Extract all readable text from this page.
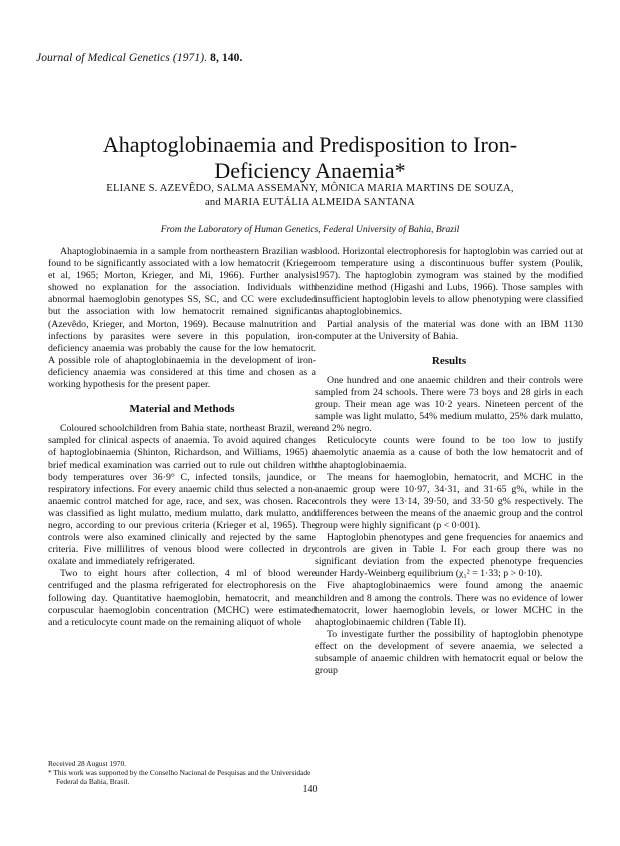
Journal of Medical Genetics (1971). 8, 140.
Ahaptoglobinaemia and Predisposition to Iron-
Deficiency Anaemia*
ELIANE S. AZEVÊDO, SALMA ASSEMANY, MÔNICA MARIA MARTINS DE SOUZA,
and MARIA EUTÁLIA ALMEIDA SANTANA
From the Laboratory of Human Genetics, Federal University of Bahia, Brazil

Ahaptoglobinaemia in a sample from northeastern Brazilian was found to be significantly associated with a low hematocrit (Krieger et al, 1965; Morton, Krieger, and Mi, 1966). Further analysis showed no explanation for the association. Individuals with abnormal haemoglobin genotypes SS, SC, and CC were excluded but the association with low hematocrit remained significant (Azevêdo, Krieger, and Morton, 1969). Because malnutrition and infections by parasites were severe in this population, iron-deficiency anaemia was probably the cause for the low hematocrit. A possible role of ahaptoglobinaemia in the development of iron-deficiency anaemia was considered at this time and chosen as a working hypothesis for the present paper.

Material and Methods

Coloured schoolchildren from Bahia state, northeast Brazil, were sampled for clinical aspects of anaemia. To avoid aquired changes of haptoglobinaemia (Shinton, Richardson, and Williams, 1965) a brief medical examination was carried out to rule out children with body temperatures over 36·9° C, infected tonsils, jaundice, or respiratory infections. For every anaemic child thus selected a non-anaemic control matched for age, race, and sex, was chosen. Race was classified as light mulatto, medium mulatto, dark mulatto, and negro, according to our previous criteria (Krieger et al, 1965). The controls were also examined clinically and rejected by the same criteria. Five millilitres of venous blood were collected in dry oxalate and immediately refrigerated.

Two to eight hours after collection, 4 ml of blood were centrifuged and the plasma refrigerated for electrophoresis on the following day. Quantitative haemoglobin, hematocrit, and mean corpuscular haemoglobin concentration (MCHC) were estimated and a reticulocyte count made on the remaining aliquot of whole

blood. Horizontal electrophoresis for haptoglobin was carried out at room temperature using a discontinuous buffer system (Poulik, 1957). The haptoglobin zymogram was stained by the modified benzidine method (Higashi and Lubs, 1966). Those samples with insufficient haptoglobin levels to allow phenotyping were classified as ahaptoglobinemics.

Partial analysis of the material was done with an IBM 1130 computer at the University of Bahia.

Results

One hundred and one anaemic children and their controls were sampled from 24 schools. There were 73 boys and 28 girls in each group. Their mean age was 10·2 years. Nineteen percent of the sample was light mulatto, 54% medium mulatto, 25% dark mulatto, and 2% negro.

Reticulocyte counts were found to be too low to justify haemolytic anaemia as a cause of both the low hematocrit and of the ahaptoglobinaemia.

The means for haemoglobin, hematocrit, and MCHC in the anaemic group were 10·97, 34·31, and 31·65 g%, while in the controls they were 13·14, 39·50, and 33·50 g% respectively. The differences between the means of the anaemic group and the control group were highly significant (p < 0·001).

Haptoglobin phenotypes and gene frequencies for anaemics and controls are given in Table I. For each group there was no significant deviation from the expected phenotype frequencies under Hardy-Weinberg equilibrium (χ₁² = 1·33; p > 0·10).

Five ahaptoglobinaemics were found among the anaemic children and 8 among the controls. There was no evidence of lower hematocrit, lower haemoglobin levels, or lower MCHC in the ahaptoglobinaemic children (Table II).

To investigate further the possibility of haptoglobin phenotype effect on the development of severe anaemia, we selected a subsample of anaemic children with hematocrit equal or below the group

Received 28 August 1970.
* This work was supported by the Conselho Nacional de Pesquisas and the Universidade Federal da Bahia, Brasil.
140
